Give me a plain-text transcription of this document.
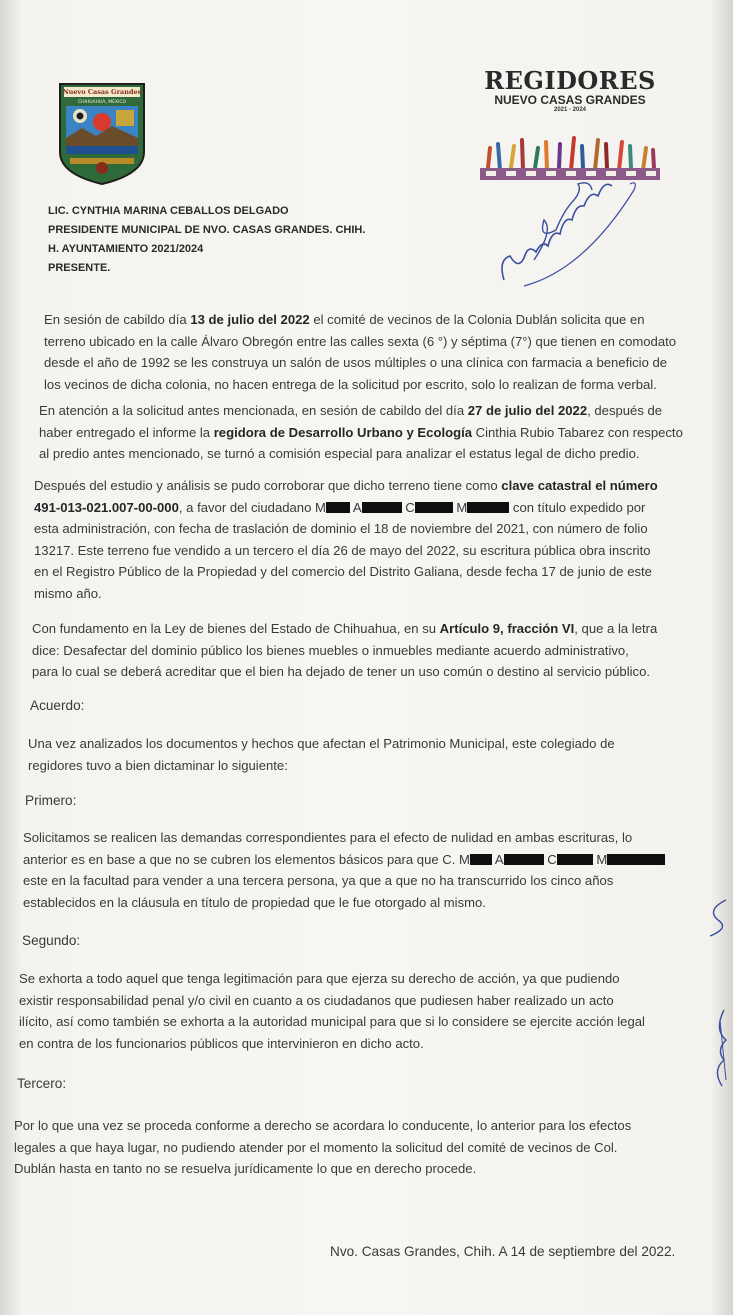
Nuevo Casas Grandes
CHIHUAHUA, MEXICO
REGIDORES
NUEVO CASAS GRANDES
2021 - 2024
LIC. CYNTHIA MARINA CEBALLOS DELGADO
PRESIDENTE MUNICIPAL DE NVO. CASAS GRANDES. CHIH.
H. AYUNTAMIENTO 2021/2024
PRESENTE.
En sesión de cabildo día 13 de julio del 2022 el comité de vecinos de la Colonia Dublán solicita que en
terreno ubicado en la calle Álvaro Obregón entre las calles sexta (6 °) y séptima (7°) que tienen en comodato
desde el año de 1992 se les construya un salón de usos múltiples o una clínica con farmacia a beneficio de
los vecinos de dicha colonia, no hacen entrega de la solicitud por escrito, solo lo realizan de forma verbal.
En atención a la solicitud antes mencionada, en sesión de cabildo del día 27 de julio del 2022, después de
haber entregado el informe la regidora de Desarrollo Urbano y Ecología Cinthia Rubio Tabarez con respecto
al predio antes mencionado, se turnó a comisión especial para analizar el estatus legal de dicho predio.
Después del estudio y análisis se pudo corroborar que dicho terreno tiene como clave catastral el número
491-013-021.007-00-000, a favor del ciudadano M A	C	M	con título expedido por
esta administración, con fecha de traslación de dominio el 18 de noviembre del 2021, con número de folio
13217. Este terreno fue vendido a un tercero el día 26 de mayo del 2022, su escritura pública obra inscrito
en el Registro Público de la Propiedad y del comercio del Distrito Galiana, desde fecha 17 de junio de este
mismo año.
Con fundamento en la Ley de bienes del Estado de Chihuahua, en su Artículo 9, fracción VI, que a la letra
dice: Desafectar del dominio público los bienes muebles o inmuebles mediante acuerdo administrativo,
para lo cual se deberá acreditar que el bien ha dejado de tener un uso común o destino al servicio público.
Acuerdo:
Una vez analizados los documentos y hechos que afectan el Patrimonio Municipal, este colegiado de
regidores tuvo a bien dictaminar lo siguiente:
Primero:
Solicitamos se realicen las demandas correspondientes para el efecto de nulidad en ambas escrituras, lo
anterior es en base a que no se cubren los elementos básicos para que C. M A	C	M
este en la facultad para vender a una tercera persona, ya que a que no ha transcurrido los cinco años
establecidos en la cláusula en título de propiedad que le fue otorgado al mismo.
Segundo:
Se exhorta a todo aquel que tenga legitimación para que ejerza su derecho de acción, ya que pudiendo
existir responsabilidad penal y/o civil en cuanto a os ciudadanos que pudiesen haber realizado un acto
ilícito, así como también se exhorta a la autoridad municipal para que si lo considere se ejercite acción legal
en contra de los funcionarios públicos que intervinieron en dicho acto.
Tercero:
Por lo que una vez se proceda conforme a derecho se acordara lo conducente, lo anterior para los efectos
legales a que haya lugar, no pudiendo atender por el momento la solicitud del comité de vecinos de Col.
Dublán hasta en tanto no se resuelva jurídicamente lo que en derecho procede.
Nvo. Casas Grandes, Chih. A 14 de septiembre del 2022.
